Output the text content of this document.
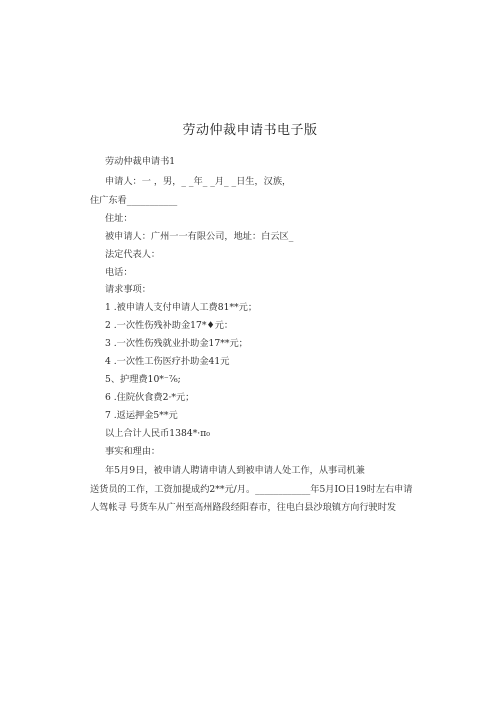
劳动仲裁申请书电子版
劳动仲裁申请书1
申请人：一 ，男，_ _年_ _月_ _日生，汉族，
住广东看___________
住址：
被申请人：广州一一有限公司，地址：白云区_
法定代表人：
电话：
请求事项：
1 .被申请人支付申请人工费81**元；
2 .一次性伤残补助金17*♦元：
3 .一次性伤残就业扑助金17**元；
4 .一次性工伤医疗扑助金41元
5、护理费10*⁻⁷⁄₆;
6 .住院伙食费2·*元；
7 .返运押金5**元
以上合计人民币1384*·π₀
事实和理由：
年5月9日，被申请人聘请申请人到被申请人处工作，从事司机兼
送货员的工作，工资加提成约2**元/月。____________年5月IO日19时左右申请
人驾帐寻 号货车从广州至高州路段经阳春市，往电白县沙琅镇方向行驶时发
